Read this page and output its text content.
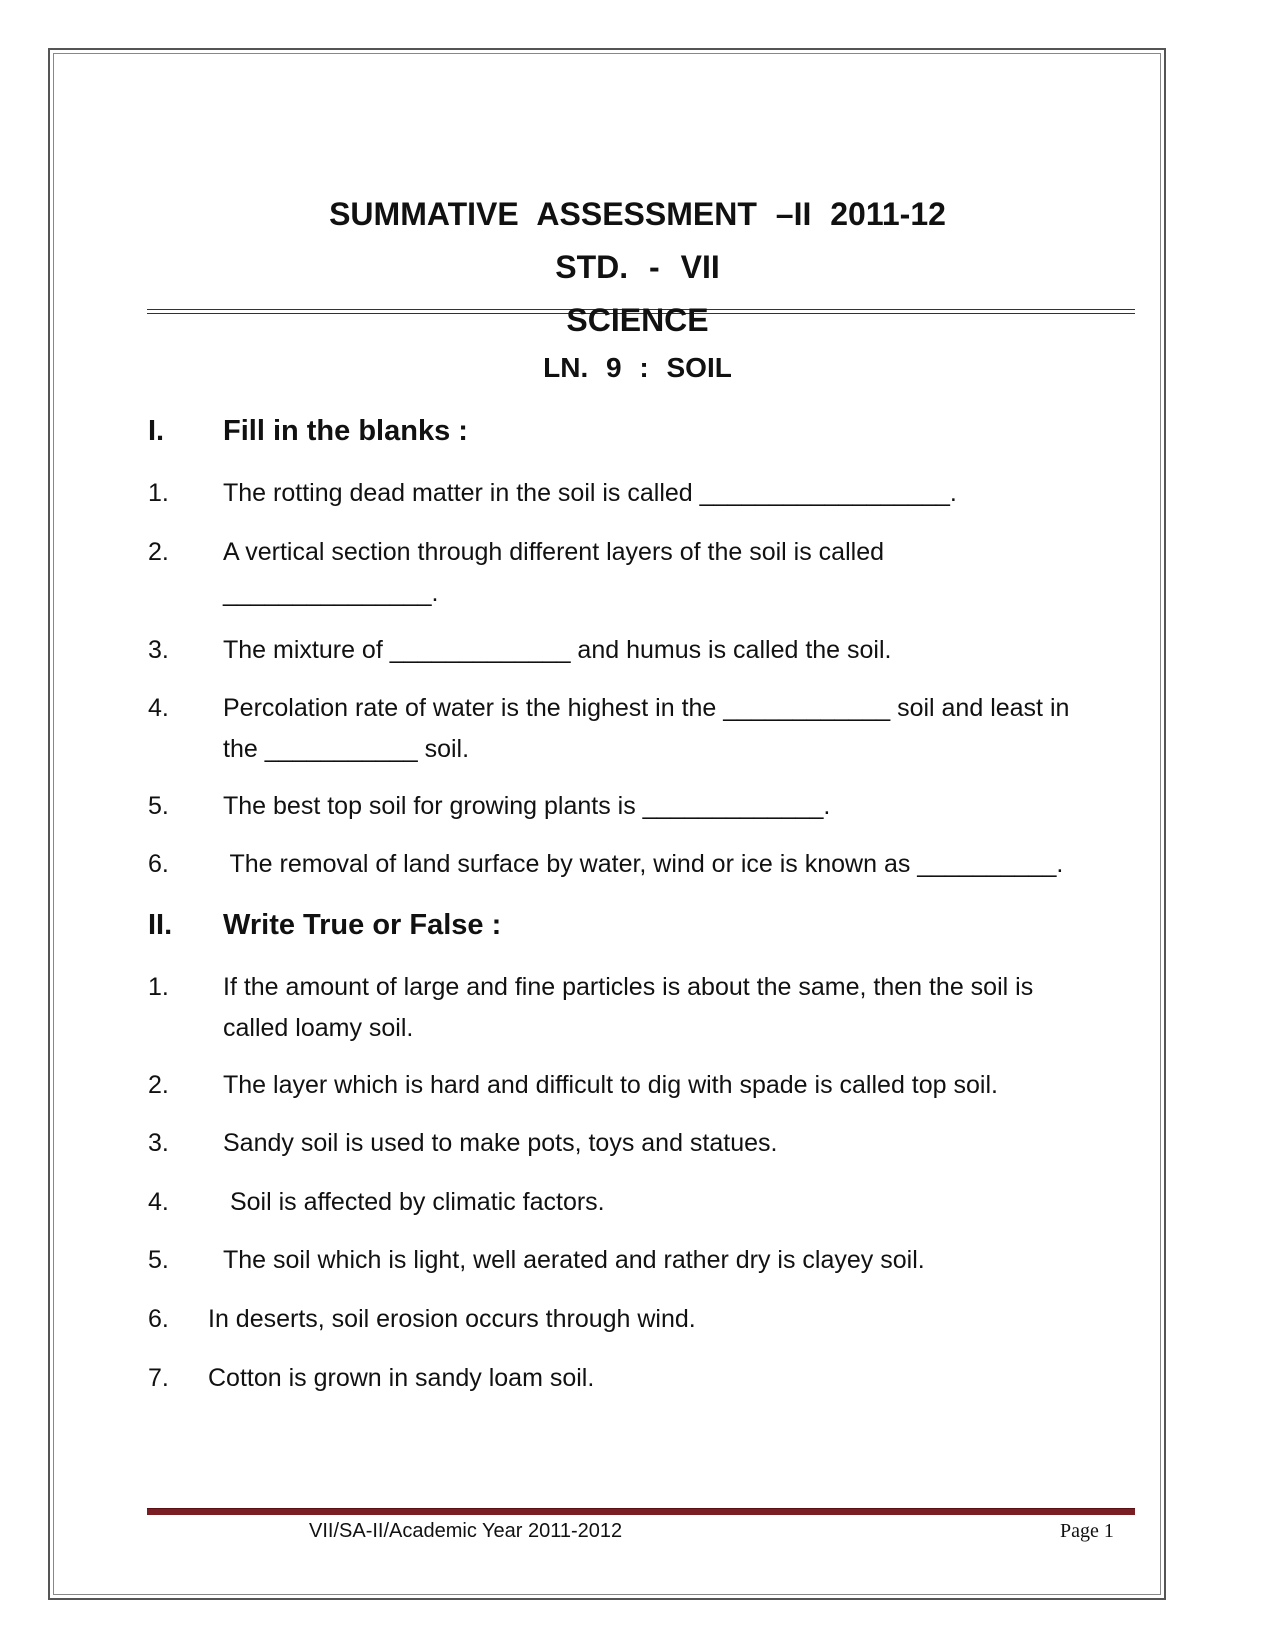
SUMMATIVE ASSESSMENT –II 2011-12
STD. - VII
SCIENCE
LN. 9 : SOIL
I. Fill in the blanks :
1. The rotting dead matter in the soil is called __________________.
2. A vertical section through different layers of the soil is called _______________.
3. The mixture of _____________ and humus is called the soil.
4. Percolation rate of water is the highest in the ____________ soil and least in the ___________ soil.
5. The best top soil for growing plants is _____________.
6. The removal of land surface by water, wind or ice is known as __________.
II. Write True or False :
1. If the amount of large and fine particles is about the same, then the soil is called loamy soil.
2. The layer which is hard and difficult to dig with spade is called top soil.
3. Sandy soil is used to make pots, toys and statues.
4. Soil is affected by climatic factors.
5. The soil which is light, well aerated and rather dry is clayey soil.
6. In deserts, soil erosion occurs through wind.
7. Cotton is grown in sandy loam soil.
VII/SA-II/Academic Year 2011-2012	Page 1
